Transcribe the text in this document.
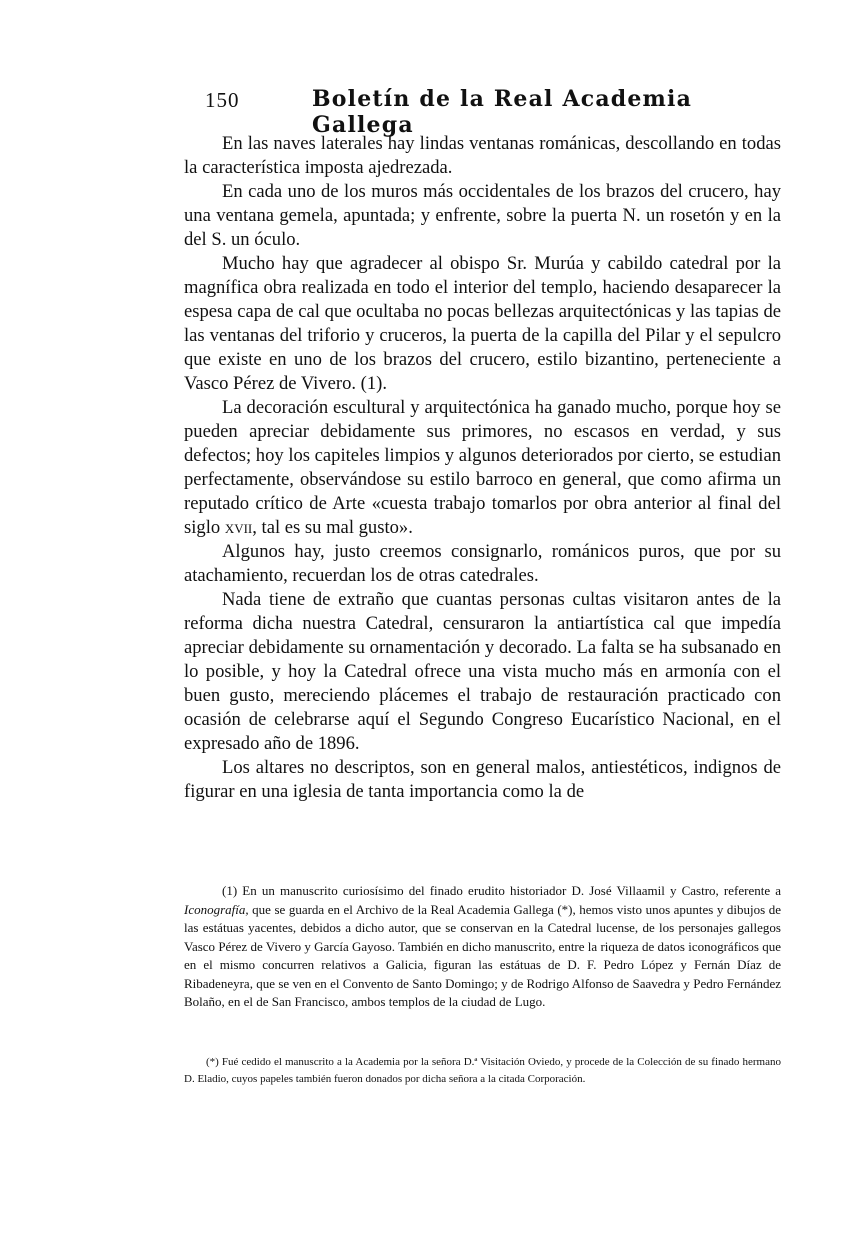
150	Boletín de la Real Academia Gallega

En las naves laterales hay lindas ventanas románicas, descollando en todas la característica imposta ajedrezada.

En cada uno de los muros más occidentales de los brazos del crucero, hay una ventana gemela, apuntada; y enfrente, sobre la puerta N. un rosetón y en la del S. un óculo.

Mucho hay que agradecer al obispo Sr. Murúa y cabildo catedral por la magnífica obra realizada en todo el interior del templo, haciendo desaparecer la espesa capa de cal que ocultaba no pocas bellezas arquitectónicas y las tapias de las ventanas del triforio y cruceros, la puerta de la capilla del Pilar y el sepulcro que existe en uno de los brazos del crucero, estilo bizantino, perteneciente a Vasco Pérez de Vivero. (1).

La decoración escultural y arquitectónica ha ganado mucho, porque hoy se pueden apreciar debidamente sus primores, no escasos en verdad, y sus defectos; hoy los capiteles limpios y algunos deteriorados por cierto, se estudian perfectamente, observándose su estilo barroco en general, que como afirma un reputado crítico de Arte «cuesta trabajo tomarlos por obra anterior al final del siglo xvii, tal es su mal gusto».

Algunos hay, justo creemos consignarlo, románicos puros, que por su atachamiento, recuerdan los de otras catedrales.

Nada tiene de extraño que cuantas personas cultas visitaron antes de la reforma dicha nuestra Catedral, censuraron la antiartística cal que impedía apreciar debidamente su ornamentación y decorado. La falta se ha subsanado en lo posible, y hoy la Catedral ofrece una vista mucho más en armonía con el buen gusto, mereciendo plácemes el trabajo de restauración practicado con ocasión de celebrarse aquí el Segundo Congreso Eucarístico Nacional, en el expresado año de 1896.

Los altares no descriptos, son en general malos, antiestéticos, indignos de figurar en una iglesia de tanta importancia como la de

(1) En un manuscrito curiosísimo del finado erudito historiador D. José Villaamil y Castro, referente a Iconografía, que se guarda en el Archivo de la Real Academia Gallega (*), hemos visto unos apuntes y dibujos de las estátuas yacentes, debidos a dicho autor, que se conservan en la Catedral lucense, de los personajes gallegos Vasco Pérez de Vivero y García Gayoso. También en dicho manuscrito, entre la riqueza de datos iconográficos que en el mismo concurren relativos a Galicia, figuran las estátuas de D. F. Pedro López y Fernán Díaz de Ribadeneyra, que se ven en el Convento de Santo Domingo; y de Rodrigo Alfonso de Saavedra y Pedro Fernández Bolaño, en el de San Francisco, ambos templos de la ciudad de Lugo.

(*) Fué cedido el manuscrito a la Academia por la señora D.ª Visitación Oviedo, y procede de la Colección de su finado hermano D. Eladio, cuyos papeles también fueron donados por dicha señora a la citada Corporación.
